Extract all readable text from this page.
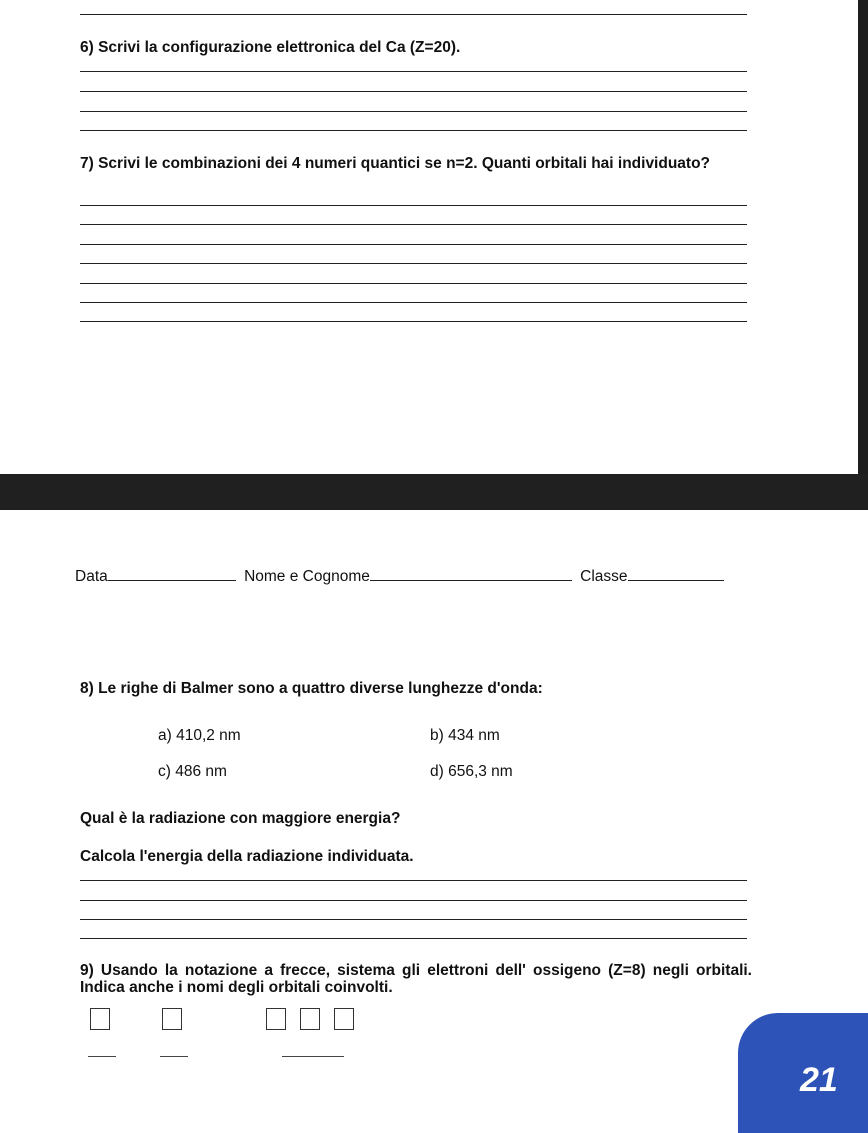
6) Scrivi la configurazione elettronica del Ca (Z=20).
7) Scrivi le combinazioni dei 4 numeri quantici se n=2. Quanti orbitali hai individuato?
Data	Nome e Cognome	Classe
8) Le righe di Balmer sono a quattro diverse lunghezze d'onda:
a) 410,2 nm	b) 434 nm
c) 486 nm	d) 656,3 nm
Qual è la radiazione con maggiore energia?
Calcola l'energia della radiazione individuata.
9) Usando la notazione a frecce, sistema gli elettroni dell' ossigeno (Z=8) negli orbitali. Indica anche i nomi degli orbitali coinvolti.
21
